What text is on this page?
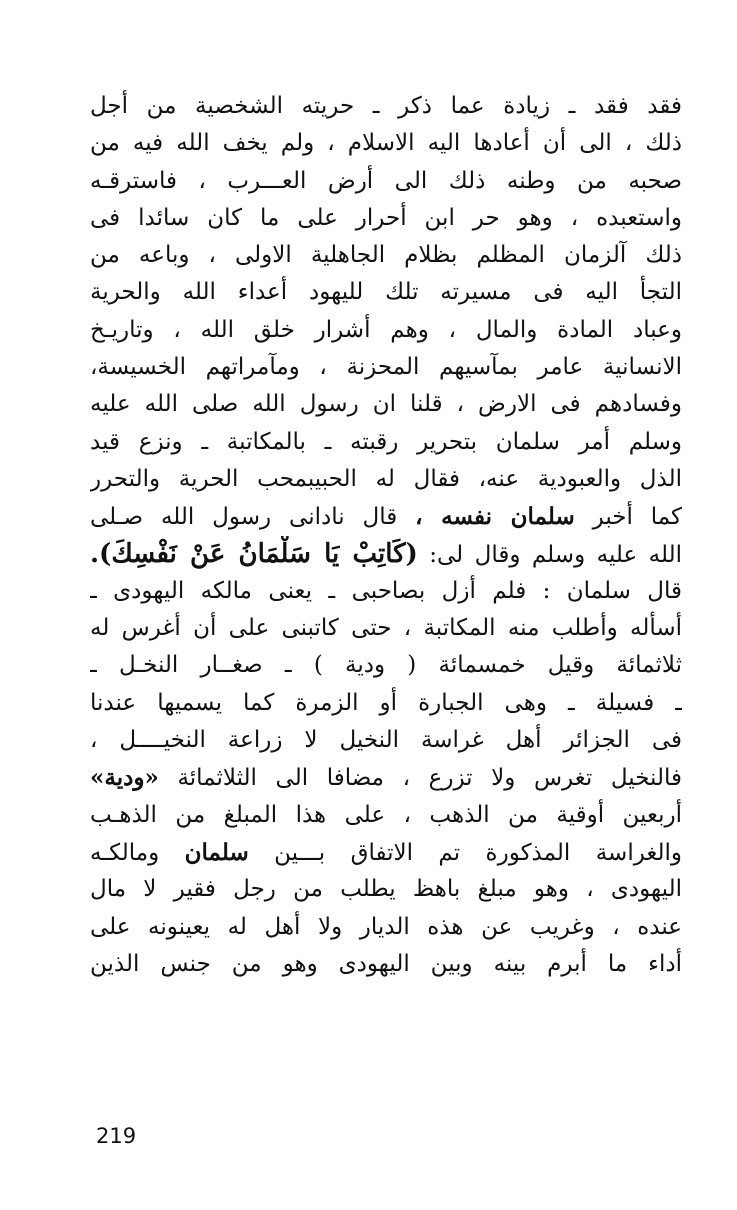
فقد فقد ـ زيادة عما ذكر ـ حريته الشخصية من أجل
ذلك ، الى أن أعادها اليه الاسلام ، ولم يخف الله فيه من
صحبه من وطنه ذلك الى أرض العـــرب ، فاسترقـه
واستعبده ، وهو حر ابن أحرار على ما كان سائدا فى
ذلك آلزمان المظلم بظلام الجاهلية الاولى ، وباعه من
التجأ اليه فى مسيرته تلك لليهود أعداء الله والحرية
وعباد المادة والمال ، وهم أشرار خلق الله ، وتاريـخ
الانسانية عامر بمآسيهم المحزنة ، ومآمراتهم الخسيسة،
وفسادهم فى الارض ، قلنا ان رسول الله صلى الله عليه
وسلم أمر سلمان بتحرير رقبته ـ بالمكاتبة ـ ونزع قيد
الذل والعبودية عنه، فقال له الحبيبمحب الحرية والتحرر
كما أخبر سلمان نفسه ، قال نادانى رسول الله صـلى
الله عليه وسلم وقال لى: (كَاتِبْ يَا سَلْمَانُ عَنْ نَفْسِكَ).
قال سلمان : فلم أزل بصاحبى ـ يعنى مالكه اليهودى ـ
أسأله وأطلب منه المكاتبة ، حتى كاتبنى على أن أغرس له
ثلاثمائة وقيل خمسمائة ( ودية ) ـ صغــار النخـل ـ
ـ فسيلة ـ وهى الجبارة أو الزمرة كما يسميها عندنا
فى الجزائر أهل غراسة النخيل لا زراعة النخيــــل ،
فالنخيل تغرس ولا تزرع ، مضافا الى الثلاثمائة «ودية»
أربعين أوقية من الذهب ، على هذا المبلغ من الذهـب
والغراسة المذكورة تم الاتفاق بـــين سلمان ومالكـه
اليهودى ، وهو مبلغ باهظ يطلب من رجل فقير لا مال
عنده ، وغريب عن هذه الديار ولا أهل له يعينونه على
أداء ما أبرم بينه وبين اليهودى وهو من جنس الذين
219
